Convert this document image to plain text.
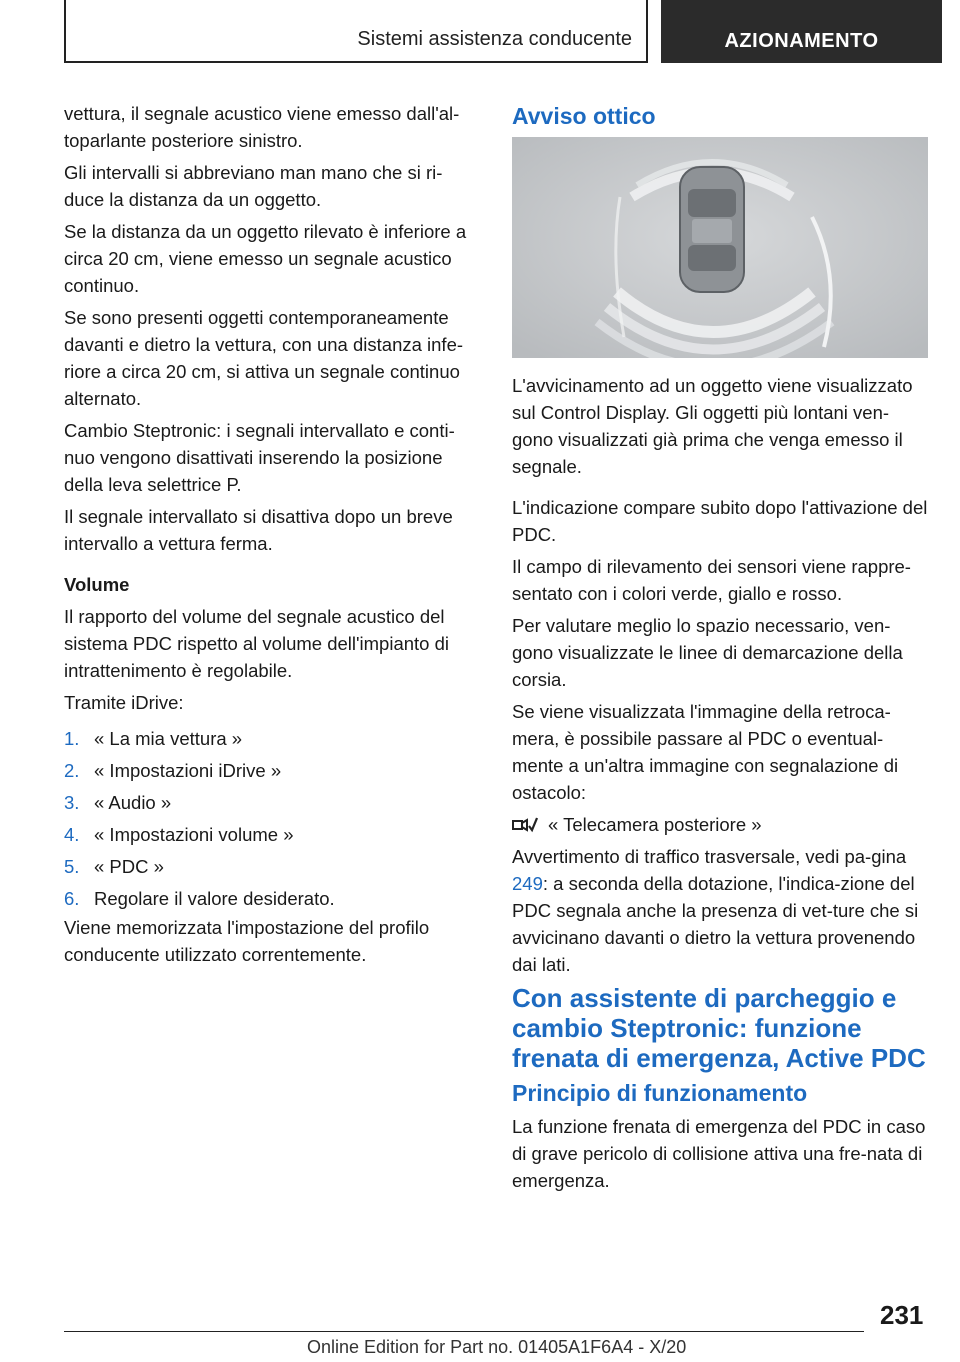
Sistemi assistenza conducente	AZIONAMENTO

vettura, il segnale acustico viene emesso dall'al-toparlante posteriore sinistro.

Gli intervalli si abbreviano man mano che si ri-duce la distanza da un oggetto.

Se la distanza da un oggetto rilevato è inferiore a circa 20 cm, viene emesso un segnale acustico continuo.

Se sono presenti oggetti contemporaneamente davanti e dietro la vettura, con una distanza infe-riore a circa 20 cm, si attiva un segnale continuo alternato.

Cambio Steptronic: i segnali intervallato e conti-nuo vengono disattivati inserendo la posizione della leva selettrice P.

Il segnale intervallato si disattiva dopo un breve intervallo a vettura ferma.

Volume

Il rapporto del volume del segnale acustico del sistema PDC rispetto al volume dell'impianto di intrattenimento è regolabile.

Tramite iDrive:

1. « La mia vettura »
2. « Impostazioni iDrive »
3. « Audio »
4. « Impostazioni volume »
5. « PDC »
6. Regolare il valore desiderato.

Viene memorizzata l'impostazione del profilo conducente utilizzato correntemente.

Avviso ottico

L'avvicinamento ad un oggetto viene visualizzato sul Control Display. Gli oggetti più lontani ven-gono visualizzati già prima che venga emesso il segnale.

L'indicazione compare subito dopo l'attivazione del PDC.

Il campo di rilevamento dei sensori viene rappre-sentato con i colori verde, giallo e rosso.

Per valutare meglio lo spazio necessario, ven-gono visualizzate le linee di demarcazione della corsia.

Se viene visualizzata l'immagine della retroca-mera, è possibile passare al PDC o eventual-mente a un'altra immagine con segnalazione di ostacolo:

« Telecamera posteriore »

Avvertimento di traffico trasversale, vedi pa-gina 249: a seconda della dotazione, l'indica-zione del PDC segnala anche la presenza di vet-ture che si avvicinano davanti o dietro la vettura provenendo dai lati.

Con assistente di parcheggio e cambio Steptronic: funzione frenata di emergenza, Active PDC

Principio di funzionamento

La funzione frenata di emergenza del PDC in caso di grave pericolo di collisione attiva una fre-nata di emergenza.

231
Online Edition for Part no. 01405A1F6A4 - X/20
